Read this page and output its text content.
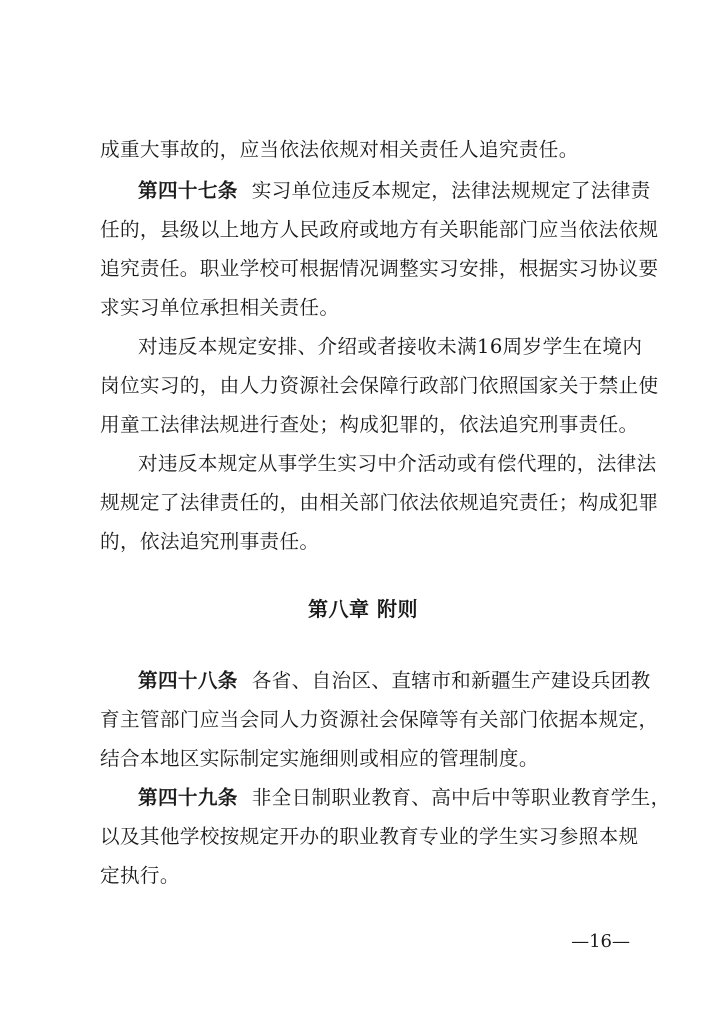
成重大事故的，应当依法依规对相关责任人追究责任。
第四十七条 实习单位违反本规定，法律法规规定了法律责
任的，县级以上地方人民政府或地方有关职能部门应当依法依规
追究责任。职业学校可根据情况调整实习安排，根据实习协议要
求实习单位承担相关责任。
对违反本规定安排、介绍或者接收未满16周岁学生在境内
岗位实习的，由人力资源社会保障行政部门依照国家关于禁止使
用童工法律法规进行查处；构成犯罪的，依法追究刑事责任。
对违反本规定从事学生实习中介活动或有偿代理的，法律法
规规定了法律责任的，由相关部门依法依规追究责任；构成犯罪
的，依法追究刑事责任。
第八章 附则
第四十八条 各省、自治区、直辖市和新疆生产建设兵团教
育主管部门应当会同人力资源社会保障等有关部门依据本规定，
结合本地区实际制定实施细则或相应的管理制度。
第四十九条 非全日制职业教育、高中后中等职业教育学生，
以及其他学校按规定开办的职业教育专业的学生实习参照本规
定执行。
—16—
